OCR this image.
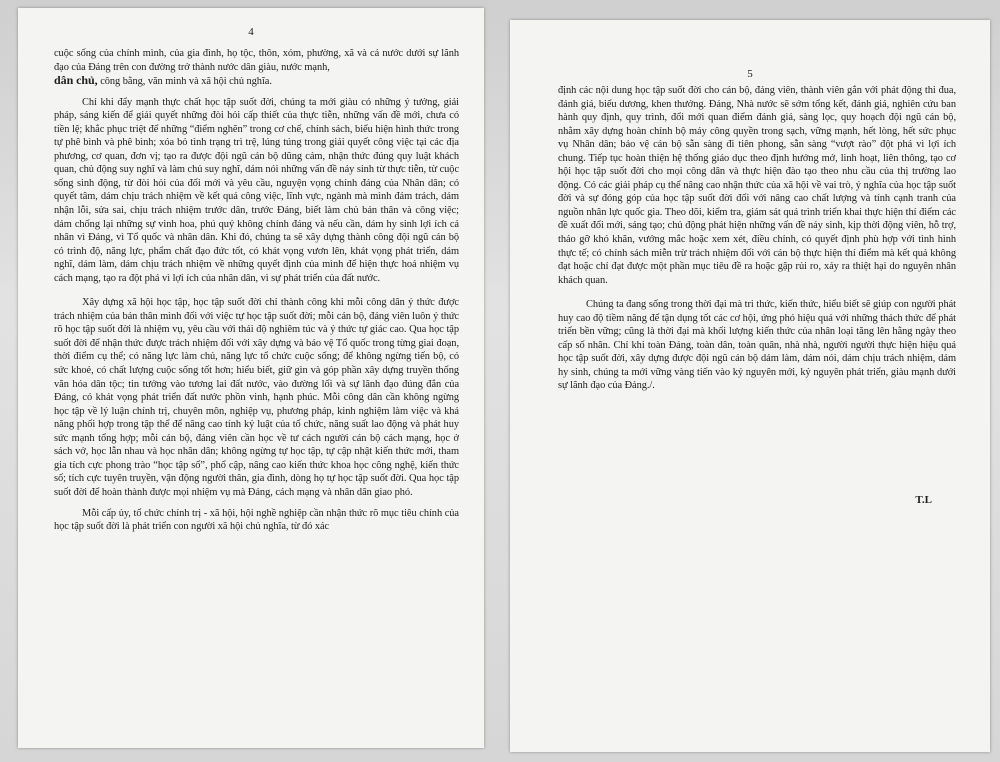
4

cuộc sống của chính mình, của gia đình, họ tộc, thôn, xóm, phường, xã và cả nước dưới sự lãnh đạo của Đảng trên con đường trở thành nước dân giàu, nước mạnh,
dân chủ, công bằng, văn minh và xã hội chủ nghĩa.

Chỉ khi đẩy mạnh thực chất học tập suốt đời, chúng ta mới giàu có những ý tưởng, giải pháp, sáng kiến để giải quyết những đòi hỏi cấp thiết của thực tiễn, những vấn đề mới, chưa có tiền lệ; khắc phục triệt để những “điểm nghẽn” trong cơ chế, chính sách, biểu hiện hình thức trong tự phê bình và phê bình; xóa bỏ tình trạng trì trệ, lúng túng trong giải quyết công việc tại các địa phương, cơ quan, đơn vị; tạo ra được đội ngũ cán bộ dũng cảm, nhận thức đúng quy luật khách quan, chủ động suy nghĩ và làm chủ suy nghĩ, dám nói những vấn đề nảy sinh từ thực tiễn, từ cuộc sống sinh động, từ đòi hỏi của đổi mới và yêu cầu, nguyện vọng chính đáng của Nhân dân; có quyết tâm, dám chịu trách nhiệm về kết quả công việc, lĩnh vực, ngành mà mình đảm trách, dám nhận lỗi, sửa sai, chịu trách nhiệm trước dân, trước Đảng, biết làm chủ bản thân và công việc; dám chống lại những sự vinh hoa, phú quý không chính đáng và nếu cần, dám hy sinh lợi ích cá nhân vì Đảng, vì Tổ quốc và nhân dân. Khi đó, chúng ta sẽ xây dựng thành công đội ngũ cán bộ có trình độ, năng lực, phẩm chất đạo đức tốt, có khát vọng vươn lên, khát vọng phát triển, dám nghĩ, dám làm, dám chịu trách nhiệm về những quyết định của mình để hiện thực hoá nhiệm vụ cách mạng, tạo ra đột phá vì lợi ích của nhân dân, vì sự phát triển của đất nước.

Xây dựng xã hội học tập, học tập suốt đời chỉ thành công khi mỗi công dân ý thức được trách nhiệm của bản thân mình đối với việc tự học tập suốt đời; mỗi cán bộ, đảng viên luôn ý thức rõ học tập suốt đời là nhiệm vụ, yêu cầu với thái độ nghiêm túc và ý thức tự giác cao. Qua học tập suốt đời để nhận thức được trách nhiệm đối với xây dựng và bảo vệ Tổ quốc trong từng giai đoạn, thời điểm cụ thể; có năng lực làm chủ, năng lực tổ chức cuộc sống; để không ngừng tiến bộ, có sức khoẻ, có chất lượng cuộc sống tốt hơn; hiểu biết, giữ gìn và góp phần xây dựng truyền thống văn hóa dân tộc; tin tưởng vào tương lai đất nước, vào đường lối và sự lãnh đạo đúng đắn của Đảng, có khát vọng phát triển đất nước phồn vinh, hạnh phúc. Mỗi công dân cần không ngừng học tập về lý luận chính trị, chuyên môn, nghiệp vụ, phương pháp, kinh nghiệm làm việc và khả năng phối hợp trong tập thể để nâng cao tính kỷ luật của tổ chức, năng suất lao động và phát huy sức mạnh tổng hợp; mỗi cán bộ, đảng viên cần học về tư cách người cán bộ cách mạng, học ở sách vở, học lẫn nhau và học nhân dân; không ngừng tự học tập, tự cập nhật kiến thức mới, tham gia tích cực phong trào “học tập số”, phổ cập, nâng cao kiến thức khoa học công nghệ, kiến thức số; tích cực tuyên truyền, vận động người thân, gia đình, dòng họ tự học tập suốt đời. Qua học tập suốt đời để hoàn thành được mọi nhiệm vụ mà Đảng, cách mạng và nhân dân giao phó.

Mỗi cấp ủy, tổ chức chính trị - xã hội, hội nghề nghiệp cần nhận thức rõ mục tiêu chính của học tập suốt đời là phát triển con người xã hội chủ nghĩa, từ đó xác

5

định các nội dung học tập suốt đời cho cán bộ, đảng viên, thành viên gắn với phát động thi đua, đánh giá, biểu dương, khen thưởng. Đảng, Nhà nước sẽ sớm tổng kết, đánh giá, nghiên cứu ban hành quy định, quy trình, đổi mới quan điểm đánh giá, sàng lọc, quy hoạch đội ngũ cán bộ, nhằm xây dựng hoàn chỉnh bộ máy công quyền trong sạch, vững mạnh, hết lòng, hết sức phục vụ Nhân dân; bảo vệ cán bộ sẵn sàng đi tiên phong, sẵn sàng “vượt rào” đột phá vì lợi ích chung. Tiếp tục hoàn thiện hệ thống giáo dục theo định hướng mở, linh hoạt, liên thông, tạo cơ hội học tập suốt đời cho mọi công dân và thực hiện đào tạo theo nhu cầu của thị trường lao động. Có các giải pháp cụ thể nâng cao nhận thức của xã hội về vai trò, ý nghĩa của học tập suốt đời và sự đóng góp của học tập suốt đời đối với nâng cao chất lượng và tính cạnh tranh của nguồn nhân lực quốc gia. Theo dõi, kiểm tra, giám sát quá trình triển khai thực hiện thí điểm các đề xuất đổi mới, sáng tạo; chủ động phát hiện những vấn đề nảy sinh, kịp thời động viên, hỗ trợ, tháo gỡ khó khăn, vướng mắc hoặc xem xét, điều chỉnh, có quyết định phù hợp với tình hình thực tế; có chính sách miễn trừ trách nhiệm đối với cán bộ thực hiện thí điểm mà kết quả không đạt hoặc chỉ đạt được một phần mục tiêu đề ra hoặc gặp rủi ro, xảy ra thiệt hại do nguyên nhân khách quan.

Chúng ta đang sống trong thời đại mà tri thức, kiến thức, hiểu biết sẽ giúp con người phát huy cao độ tiềm năng để tận dụng tốt các cơ hội, ứng phó hiệu quả với những thách thức để phát triển bền vững; cũng là thời đại mà khối lượng kiến thức của nhân loại tăng lên hằng ngày theo cấp số nhân. Chỉ khi toàn Đảng, toàn dân, toàn quân, nhà nhà, người người thực hiện hiệu quả học tập suốt đời, xây dựng được đội ngũ cán bộ dám làm, dám nói, dám chịu trách nhiệm, dám hy sinh, chúng ta mới vững vàng tiến vào kỷ nguyên mới, kỷ nguyên phát triển, giàu mạnh dưới sự lãnh đạo của Đảng./.

T.L
